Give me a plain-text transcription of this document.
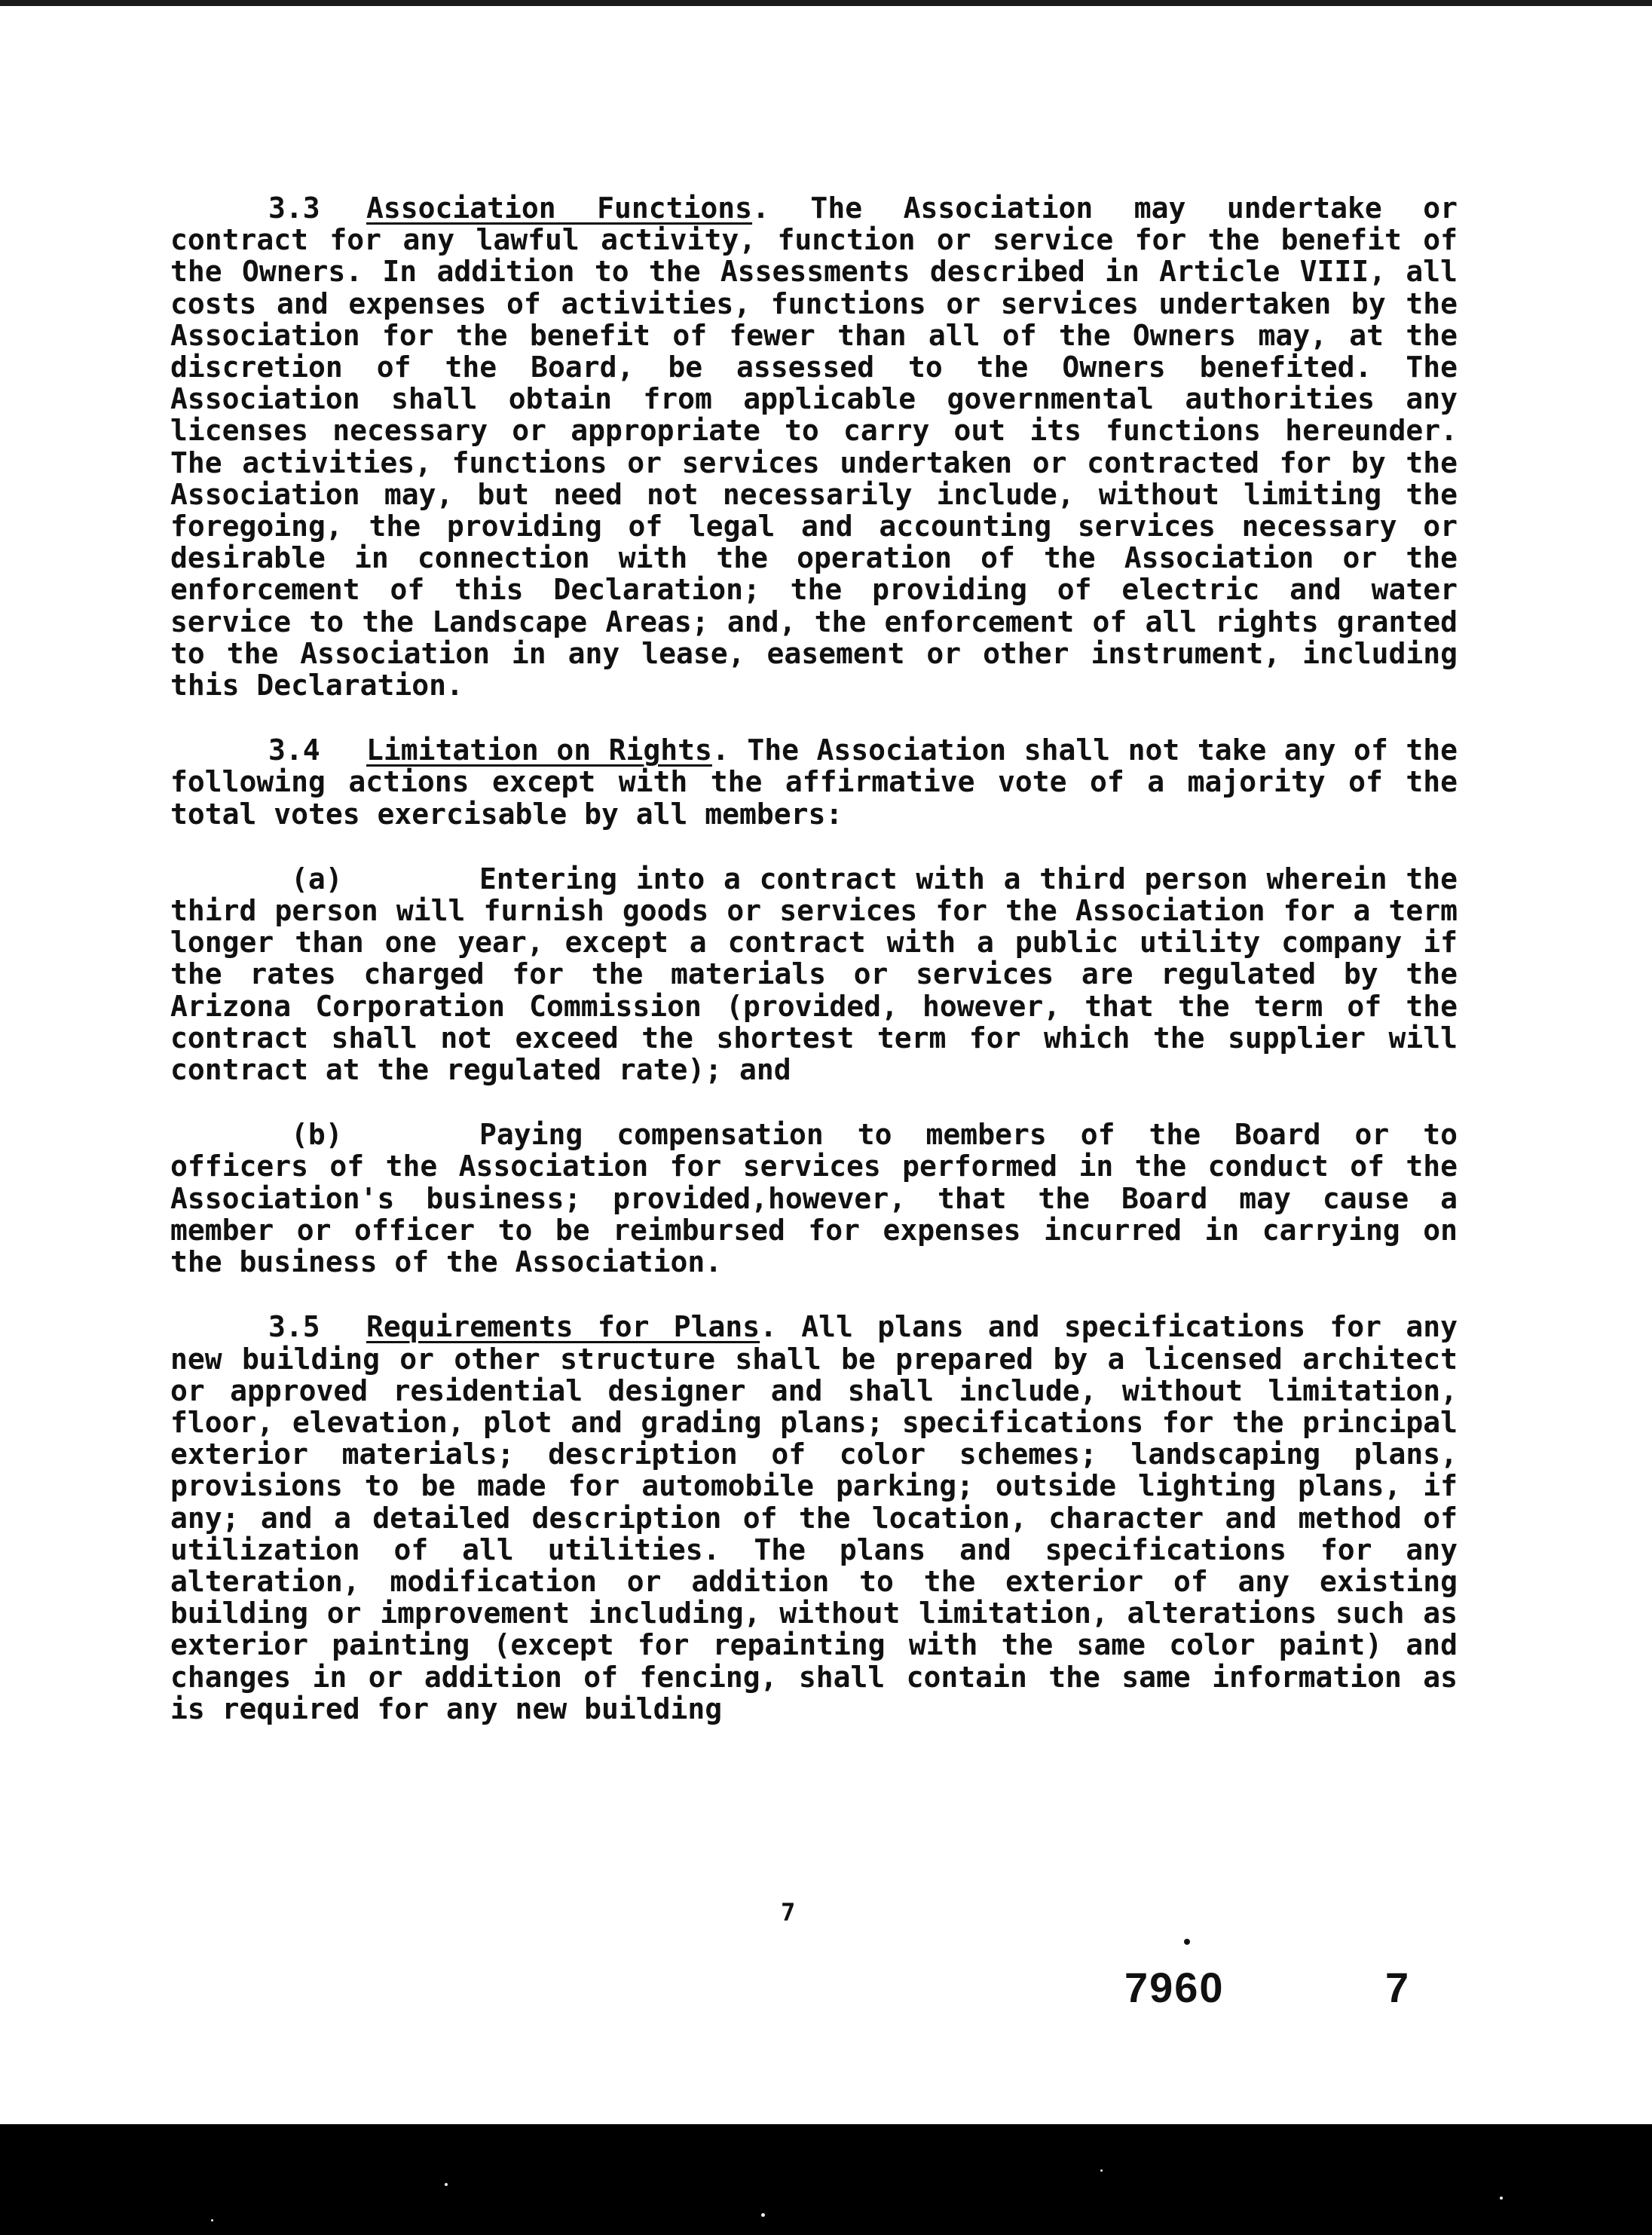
3.3 Association Functions. The Association may undertake or contract for any lawful activity, function or service for the benefit of the Owners. In addition to the Assessments described in Article VIII, all costs and expenses of activities, functions or services undertaken by the Association for the benefit of fewer than all of the Owners may, at the discretion of the Board, be assessed to the Owners benefited. The Association shall obtain from applicable governmental authorities any licenses necessary or appropriate to carry out its functions hereunder. The activities, functions or services undertaken or contracted for by the Association may, but need not necessarily include, without limiting the foregoing, the providing of legal and accounting services necessary or desirable in connection with the operation of the Association or the enforcement of this Declaration; the providing of electric and water service to the Landscape Areas; and, the enforcement of all rights granted to the Association in any lease, easement or other instrument, including this Declaration.

3.4 Limitation on Rights. The Association shall not take any of the following actions except with the affirmative vote of a majority of the total votes exercisable by all members:

(a)	Entering into a contract with a third person wherein the third person will furnish goods or services for the Association for a term longer than one year, except a contract with a public utility company if the rates charged for the materials or services are regulated by the Arizona Corporation Commission (provided, however, that the term of the contract shall not exceed the shortest term for which the supplier will contract at the regulated rate); and

(b)	Paying compensation to members of the Board or to officers of the Association for services performed in the conduct of the Association's business; provided,however, that the Board may cause a member or officer to be reimbursed for expenses incurred in carrying on the business of the Association.

3.5 Requirements for Plans. All plans and specifications for any new building or other structure shall be prepared by a licensed architect or approved residential designer and shall include, without limitation, floor, elevation, plot and grading plans; specifications for the principal exterior materials; description of color schemes; landscaping plans, provisions to be made for automobile parking; outside lighting plans, if any; and a detailed description of the location, character and method of utilization of all utilities. The plans and specifications for any alteration, modification or addition to the exterior of any existing building or improvement including, without limitation, alterations such as exterior painting (except for repainting with the same color paint) and changes in or addition of fencing, shall contain the same information as is required for any new building

7
7960	7
